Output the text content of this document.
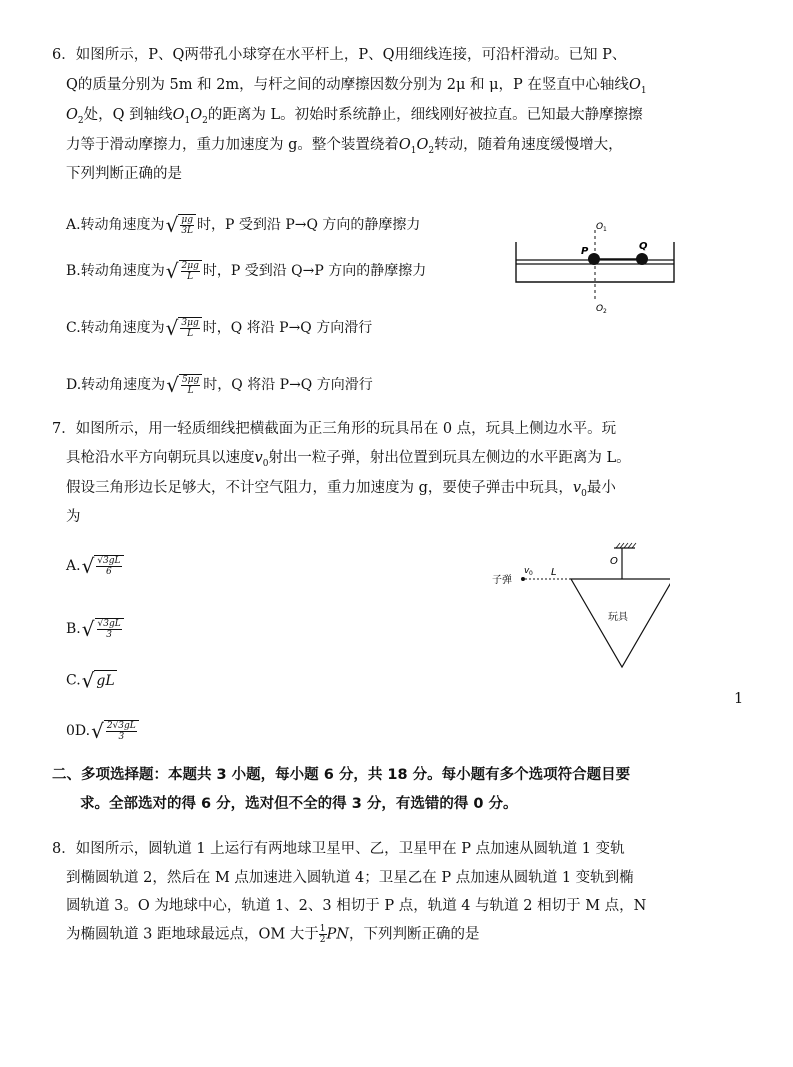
6．如图所示，P、Q两带孔小球穿在水平杆上，P、Q用细线连接，可沿杆滑动。已知 P、
Q的质量分别为 5m 和 2m，与杆之间的动摩擦因数分别为 2μ 和 μ，P 在竖直中心轴线$O_1$
$O_2$处，Q 到轴线$O_1O_2$的距离为 L。初始时系统静止，细线刚好被拉直。已知最大静摩擦擦
力等于滑动摩擦力，重力加速度为 g。整个装置绕着$O_1O_2$转动，随着角速度缓慢增大，
下列判断正确的是
A.转动角速度为√ $\frac{\mu g}{3L}$ 时，P 受到沿 P→Q 方向的静摩擦力
B.转动角速度为√ $\frac{2\mu g}{L}$ 时，P 受到沿 Q→P 方向的静摩擦力
C.转动角速度为√ $\frac{3\mu g}{L}$ 时，Q 将沿 P→Q 方向滑行
D.转动角速度为√ $\frac{5\mu g}{L}$ 时，Q 将沿 P→Q 方向滑行
O 1
O 2
P	Q
7．如图所示，用一轻质细线把横截面为正三角形的玩具吊在 0 点，玩具上侧边水平。玩
具枪沿水平方向朝玩具以速度$v_0$射出一粒子弹，射出位置到玩具左侧边的水平距离为 L。
假设三角形边长足够大，不计空气阻力，重力加速度为 g，要使子弹击中玩具，$v_0$最小
为
$A.√ \frac{√3gL}{6}$
$B.√ \frac{√3gL}{3}$
C.√ gL
$0D.√ \frac{2√3gL}{3}$
子弹
v 0 L
O
玩具
1
二、多项选择题：本题共 3 小题，每小题 6 分，共 18 分。每小题有多个选项符合题目要
求。全部选对的得 6 分，选对但不全的得 3 分，有选错的得 0 分。
8．如图所示，圆轨道 1 上运行有两地球卫星甲、乙，卫星甲在 P 点加速从圆轨道 1 变轨
到椭圆轨道 2，然后在 M 点加速进入圆轨道 4；卫星乙在 P 点加速从圆轨道 1 变轨到椭
圆轨道 3。O 为地球中心，轨道 1、2、3 相切于 P 点，轨道 4 与轨道 2 相切于 M 点，N
为椭圆轨道 3 距地球最远点，OM 大于 $\frac{1}{2}$ PN，下列判断正确的是
